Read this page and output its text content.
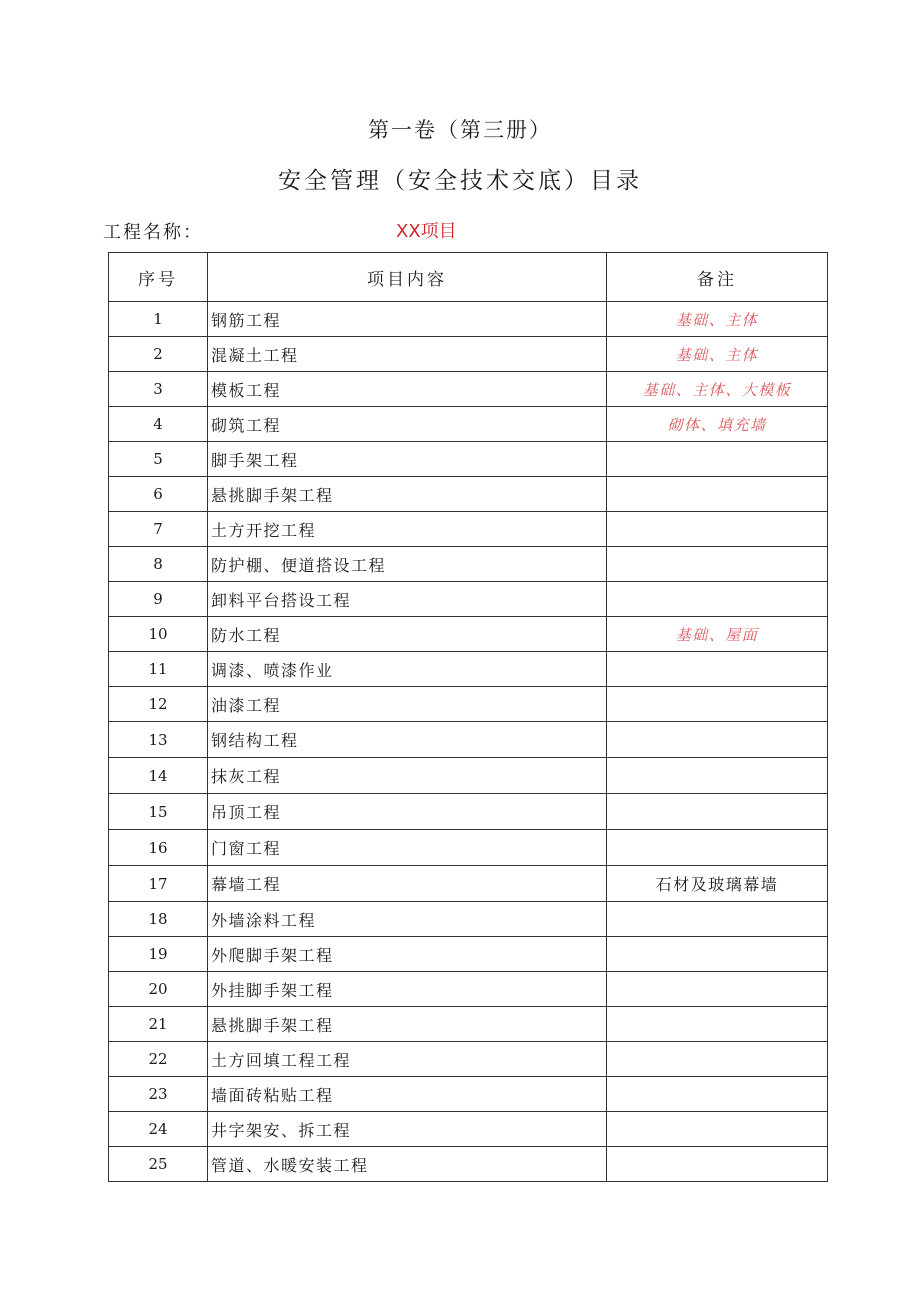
第一卷（第三册）
安全管理（安全技术交底）目录
工程名称：	XX项目
序号	项目内容	备注
1	钢筋工程	基础、主体
2	混凝土工程	基础、主体
3	模板工程	基础、主体、大模板
4	砌筑工程	砌体、填充墙
5	脚手架工程	
6	悬挑脚手架工程	
7	土方开挖工程	
8	防护棚、便道搭设工程	
9	卸料平台搭设工程	
10	防水工程	基础、屋面
11	调漆、喷漆作业	
12	油漆工程	
13	钢结构工程	
14	抹灰工程	
15	吊顶工程	
16	门窗工程	
17	幕墙工程	石材及玻璃幕墙
18	外墙涂料工程	
19	外爬脚手架工程	
20	外挂脚手架工程	
21	悬挑脚手架工程	
22	土方回填工程工程	
23	墙面砖粘贴工程	
24	井字架安、拆工程	
25	管道、水暖安装工程	
